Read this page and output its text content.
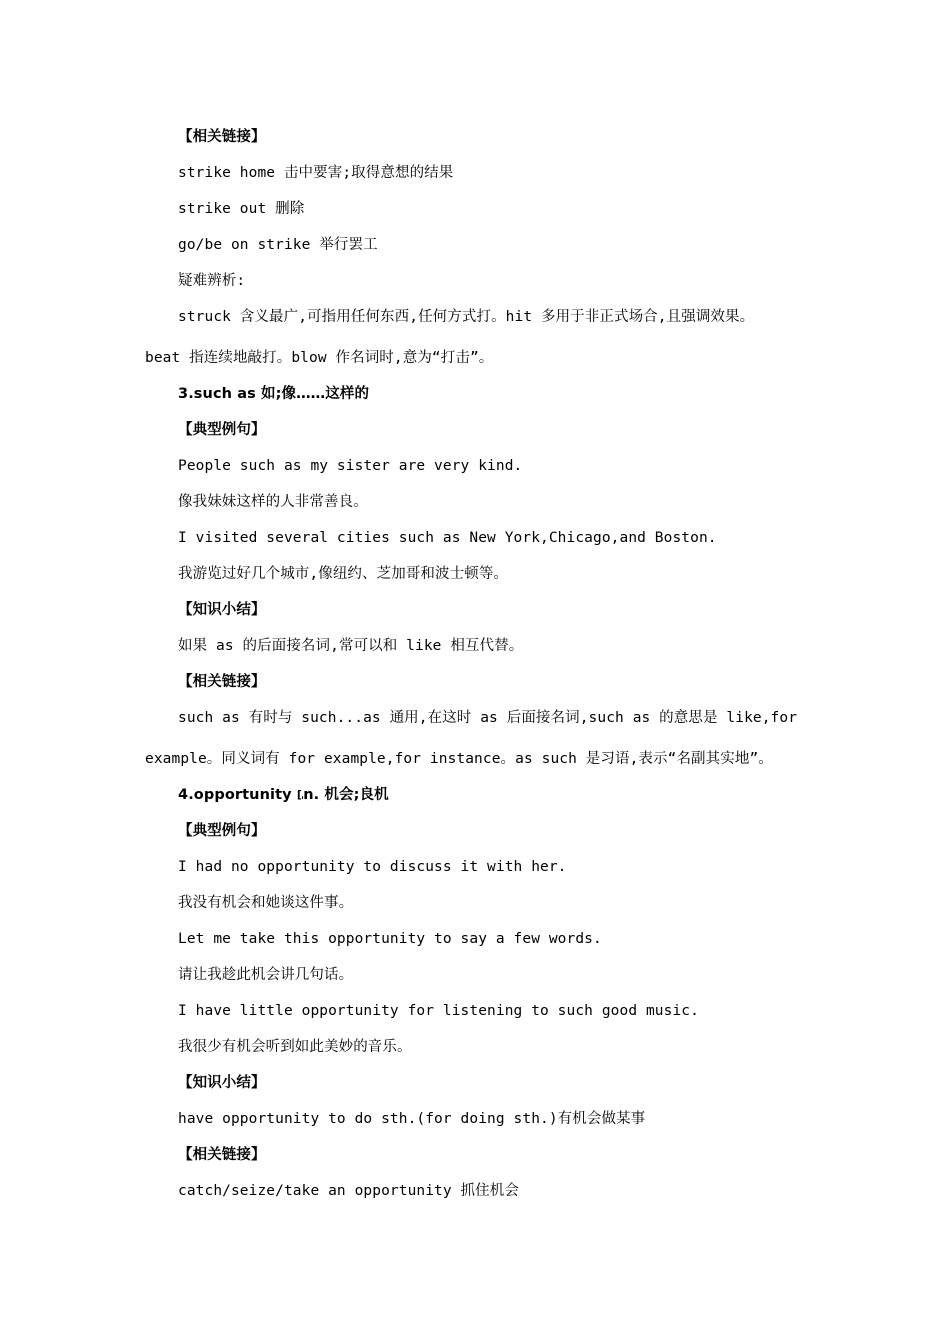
【相关链接】
strike home 击中要害;取得意想的结果
strike out 删除
go/be on strike 举行罢工
疑难辨析:
struck 含义最广,可指用任何东西,任何方式打。hit 多用于非正式场合,且强调效果。
beat 指连续地敲打。blow 作名词时,意为“打击”。
3.such as 如;像……这样的
【典型例句】
People such as my sister are very kind.
像我妹妹这样的人非常善良。
I visited several cities such as New York,Chicago,and Boston.
我游览过好几个城市,像纽约、芝加哥和波士顿等。
【知识小结】
如果 as 的后面接名词,常可以和 like 相互代替。
【相关链接】
such as 有时与 such...as 通用,在这时 as 后面接名词,such as 的意思是 like,for
example。同义词有 for example,for instance。as such 是习语,表示“名副其实地”。
4.opportunity [ˌn. 机会;良机
【典型例句】
I had no opportunity to discuss it with her.
我没有机会和她谈这件事。
Let me take this opportunity to say a few words.
请让我趁此机会讲几句话。
I have little opportunity for listening to such good music.
我很少有机会听到如此美妙的音乐。
【知识小结】
have opportunity to do sth.(for doing sth.)有机会做某事
【相关链接】
catch/seize/take an opportunity 抓住机会
